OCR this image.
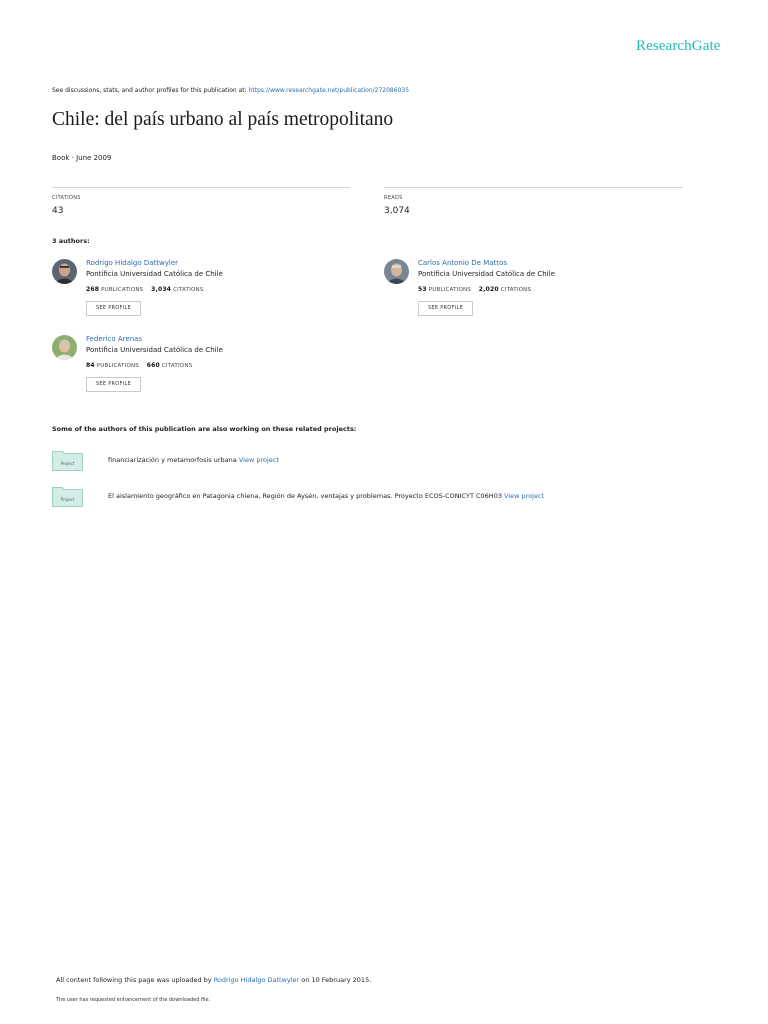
ResearchGate
See discussions, stats, and author profiles for this publication at: https://www.researchgate.net/publication/272086035
Chile: del país urbano al país metropolitano
Book · June 2009
CITATIONS
43
READS
3,074
3 authors:
Rodrigo Hidalgo Dattwyler
Pontificia Universidad Católica de Chile
268 PUBLICATIONS 3,034 CITATIONS
SEE PROFILE
Carlos Antonio De Mattos
Pontificia Universidad Católica de Chile
53 PUBLICATIONS 2,020 CITATIONS
SEE PROFILE
Federico Arenas
Pontificia Universidad Católica de Chile
84 PUBLICATIONS 660 CITATIONS
SEE PROFILE
Some of the authors of this publication are also working on these related projects:
Project	financiarización y metamorfosis urbana View project
Project	El aislamiento geográfico en Patagonia chiena, Región de Aysén, ventajas y problemas. Proyecto ECOS-CONICYT C06H03 View project
All content following this page was uploaded by Rodrigo Hidalgo Dattwyler on 10 February 2015.
The user has requested enhancement of the downloaded file.
